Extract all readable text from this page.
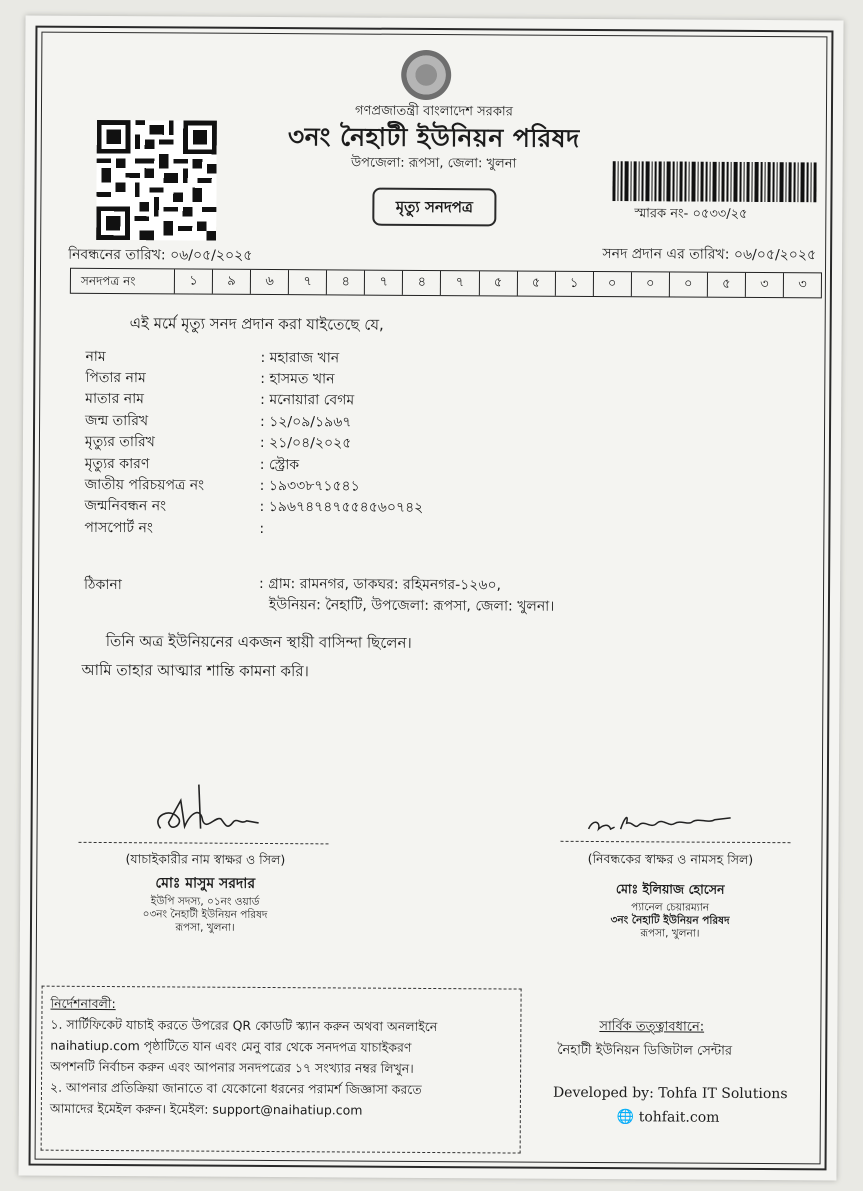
গণপ্রজাতন্ত্রী বাংলাদেশ সরকার
৩নং নৈহাটী ইউনিয়ন পরিষদ
উপজেলা: রূপসা, জেলা: খুলনা
মৃত্যু সনদপত্র	স্মারক নং- ০৫৩৩/২৫
নিবন্ধনের তারিখ: ০৬/০৫/২০২৫	সনদ প্রদান এর তারিখ: ০৬/০৫/২০২৫
সনদপত্র নং	১	৯	৬	৭	৪	৭	৪	৭	৫	৫	১	০	০	০	৫	৩	৩
এই মর্মে মৃত্যু সনদ প্রদান করা যাইতেছে যে,
নাম	: মহারাজ খান
পিতার নাম	: হাসমত খান
মাতার নাম	: মনোয়ারা বেগম
জন্ম তারিখ	: ১২/০৯/১৯৬৭
মৃত্যুর তারিখ	: ২১/০৪/২০২৫
মৃত্যুর কারণ	: স্ট্রোক
জাতীয় পরিচয়পত্র নং	: ১৯৩৩৮৭১৫৪১
জন্মনিবন্ধন নং	: ১৯৬৭৪৭৪৭৫৫৪৫৬০৭৪২
পাসপোর্ট নং	:
ঠিকানা	: গ্রাম: রামনগর, ডাকঘর: রহিমনগর-১২৬০,
ইউনিয়ন: নৈহাটি, উপজেলা: রূপসা, জেলা: খুলনা।
তিনি অত্র ইউনিয়নের একজন স্থায়ী বাসিন্দা ছিলেন।
আমি তাহার আত্মার শান্তি কামনা করি।
(যাচাইকারীর নাম স্বাক্ষর ও সিল)
মোঃ মাসুম সরদার
ইউপি সদস্য, ০১নং ওয়ার্ড
০৩নং নৈহাটী ইউনিয়ন পরিষদ
রূপসা, খুলনা।
(নিবন্ধকের স্বাক্ষর ও নামসহ সিল)
মোঃ ইলিয়াজ হোসেন
প্যানেল চেয়ারম্যান
৩নং নৈহাটি ইউনিয়ন পরিষদ
রূপসা, খুলনা।
নির্দেশনাবলী:
১. সার্টিফিকেট যাচাই করতে উপরের QR কোডটি স্ক্যান করুন অথবা অনলাইনে
naihatiup.com পৃষ্ঠাটিতে যান এবং মেনু বার থেকে সনদপত্র যাচাইকরণ
অপশনটি নির্বাচন করুন এবং আপনার সনদপত্রের ১৭ সংখ্যার নম্বর লিখুন।
২. আপনার প্রতিক্রিয়া জানাতে বা যেকোনো ধরনের পরামর্শ জিজ্ঞাসা করতে
আমাদের ইমেইল করুন। ইমেইল: support@naihatiup.com
সার্বিক তত্ত্বাবধানে:
নৈহাটী ইউনিয়ন ডিজিটাল সেন্টার
Developed by: Tohfa IT Solutions
🌐 tohfait.com
